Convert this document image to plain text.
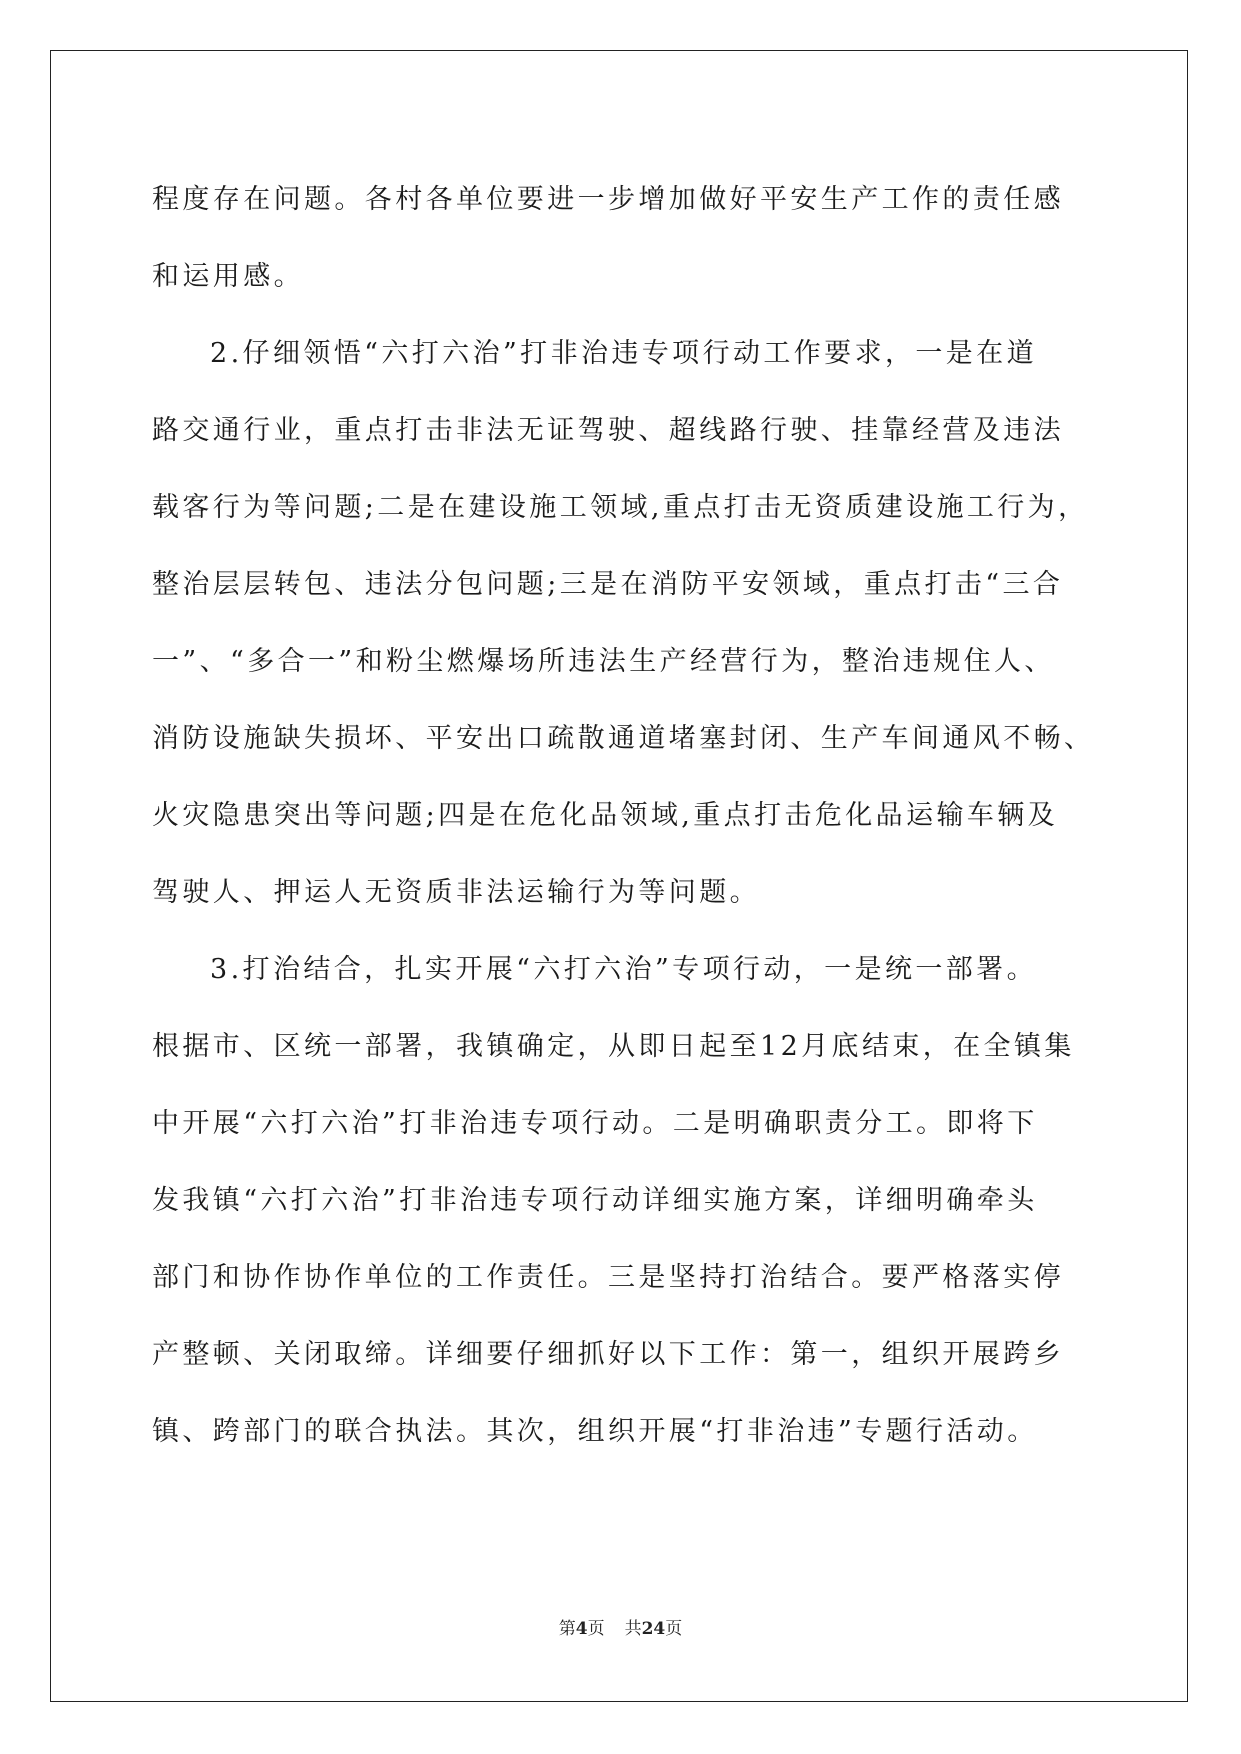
程度存在问题。各村各单位要进一步增加做好平安生产工作的责任感
和运用感。
2.仔细领悟“六打六治”打非治违专项行动工作要求，一是在道
路交通行业，重点打击非法无证驾驶、超线路行驶、挂靠经营及违法
载客行为等问题;二是在建设施工领域,重点打击无资质建设施工行为，
整治层层转包、违法分包问题;三是在消防平安领域，重点打击“三合
一”、“多合一”和粉尘燃爆场所违法生产经营行为，整治违规住人、
消防设施缺失损坏、平安出口疏散通道堵塞封闭、生产车间通风不畅、
火灾隐患突出等问题;四是在危化品领域,重点打击危化品运输车辆及
驾驶人、押运人无资质非法运输行为等问题。
3.打治结合，扎实开展“六打六治”专项行动，一是统一部署。
根据市、区统一部署，我镇确定，从即日起至12月底结束，在全镇集
中开展“六打六治”打非治违专项行动。二是明确职责分工。即将下
发我镇“六打六治”打非治违专项行动详细实施方案，详细明确牵头
部门和协作协作单位的工作责任。三是坚持打治结合。要严格落实停
产整顿、关闭取缔。详细要仔细抓好以下工作：第一，组织开展跨乡
镇、跨部门的联合执法。其次，组织开展“打非治违”专题行活动。
第4页 共24页
